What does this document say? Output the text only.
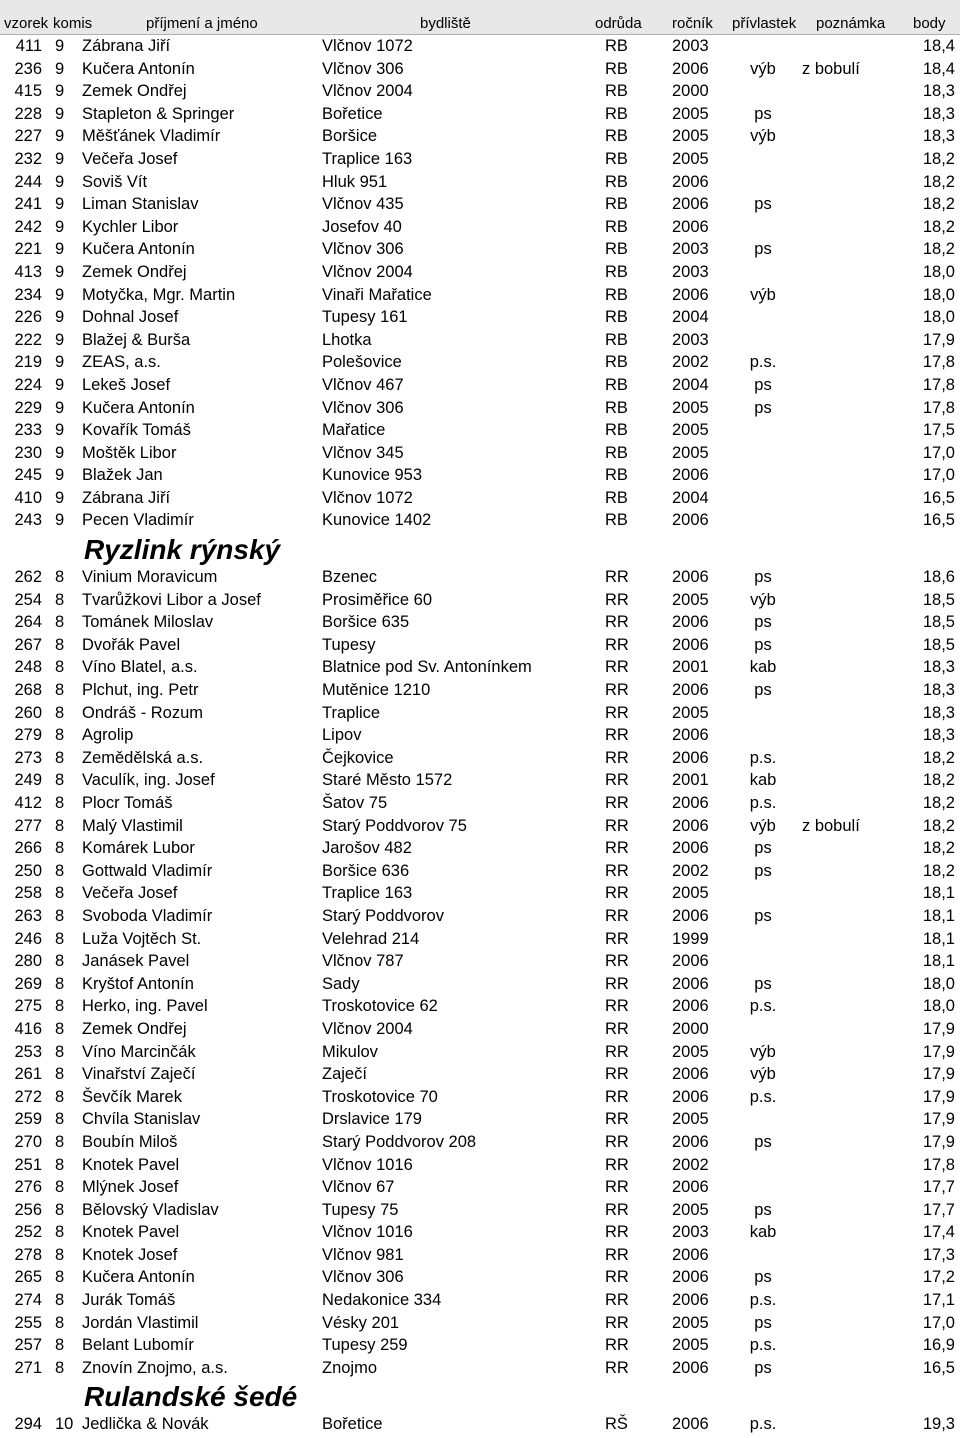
vzorek komis	příjmení a jméno	bydliště	odrůda ročník přívlastek poznámka body
411 9 Zábrana Jiří	Vlčnov 1072	RB	2003	18,4
236 9 Kučera Antonín	Vlčnov 306	RB	2006	výb	z bobulí	18,4
415 9 Zemek Ondřej	Vlčnov 2004	RB	2000	18,3
228 9 Stapleton & Springer	Bořetice	RB	2005	ps	18,3
227 9 Měšťánek Vladimír	Boršice	RB	2005	výb	18,3
232 9 Večeřa Josef	Traplice 163	RB	2005	18,2
244 9 Soviš Vít	Hluk 951	RB	2006	18,2
241 9 Liman Stanislav	Vlčnov 435	RB	2006	ps	18,2
242 9 Kychler Libor	Josefov 40	RB	2006	18,2
221 9 Kučera Antonín	Vlčnov 306	RB	2003	ps	18,2
413 9 Zemek Ondřej	Vlčnov 2004	RB	2003	18,0
234 9 Motyčka, Mgr. Martin	Vinaři Mařatice	RB	2006	výb	18,0
226 9 Dohnal Josef	Tupesy 161	RB	2004	18,0
222 9 Blažej & Burša	Lhotka	RB	2003	17,9
219 9 ZEAS, a.s.	Polešovice	RB	2002	p.s.	17,8
224 9 Lekeš Josef	Vlčnov 467	RB	2004	ps	17,8
229 9 Kučera Antonín	Vlčnov 306	RB	2005	ps	17,8
233 9 Kovařík Tomáš	Mařatice	RB	2005	17,5
230 9 Moštěk Libor	Vlčnov 345	RB	2005	17,0
245 9 Blažek Jan	Kunovice 953	RB	2006	17,0
410 9 Zábrana Jiří	Vlčnov 1072	RB	2004	16,5
243 9 Pecen Vladimír	Kunovice 1402	RB	2006	16,5
Ryzlink rýnský
262 8 Vinium Moravicum	Bzenec	RR	2006	ps	18,6
254 8 Tvarůžkovi Libor a Josef	Prosiměřice 60	RR	2005	výb	18,5
264 8 Tománek Miloslav	Boršice 635	RR	2006	ps	18,5
267 8 Dvořák Pavel	Tupesy	RR	2006	ps	18,5
248 8 Víno Blatel, a.s.	Blatnice pod Sv. Antonínkem	RR	2001	kab	18,3
268 8 Plchut, ing. Petr	Mutěnice 1210	RR	2006	ps	18,3
260 8 Ondráš - Rozum	Traplice	RR	2005	18,3
279 8 Agrolip	Lipov	RR	2006	18,3
273 8 Zemědělská a.s.	Čejkovice	RR	2006	p.s.	18,2
249 8 Vaculík, ing. Josef	Staré Město 1572	RR	2001	kab	18,2
412 8 Plocr Tomáš	Šatov 75	RR	2006	p.s.	18,2
277 8 Malý Vlastimil	Starý Poddvorov 75	RR	2006	výb	z bobulí	18,2
266 8 Komárek Lubor	Jarošov 482	RR	2006	ps	18,2
250 8 Gottwald Vladimír	Boršice 636	RR	2002	ps	18,2
258 8 Večeřa Josef	Traplice 163	RR	2005	18,1
263 8 Svoboda Vladimír	Starý Poddvorov	RR	2006	ps	18,1
246 8 Luža Vojtěch St.	Velehrad 214	RR	1999	18,1
280 8 Janásek Pavel	Vlčnov 787	RR	2006	18,1
269 8 Kryštof Antonín	Sady	RR	2006	ps	18,0
275 8 Herko, ing. Pavel	Troskotovice 62	RR	2006	p.s.	18,0
416 8 Zemek Ondřej	Vlčnov 2004	RR	2000	17,9
253 8 Víno Marcinčák	Mikulov	RR	2005	výb	17,9
261 8 Vinařství Zaječí	Zaječí	RR	2006	výb	17,9
272 8 Ševčík Marek	Troskotovice 70	RR	2006	p.s.	17,9
259 8 Chvíla Stanislav	Drslavice 179	RR	2005	17,9
270 8 Boubín Miloš	Starý Poddvorov 208	RR	2006	ps	17,9
251 8 Knotek Pavel	Vlčnov 1016	RR	2002	17,8
276 8 Mlýnek Josef	Vlčnov 67	RR	2006	17,7
256 8 Bělovský Vladislav	Tupesy 75	RR	2005	ps	17,7
252 8 Knotek Pavel	Vlčnov 1016	RR	2003	kab	17,4
278 8 Knotek Josef	Vlčnov 981	RR	2006	17,3
265 8 Kučera Antonín	Vlčnov 306	RR	2006	ps	17,2
274 8 Jurák Tomáš	Nedakonice 334	RR	2006	p.s.	17,1
255 8 Jordán Vlastimil	Vésky 201	RR	2005	ps	17,0
257 8 Belant Lubomír	Tupesy 259	RR	2005	p.s.	16,9
271 8 Znovín Znojmo, a.s.	Znojmo	RR	2006	ps	16,5
Rulandské šedé
294 10 Jedlička & Novák	Bořetice	RŠ	2006	p.s.	19,3
